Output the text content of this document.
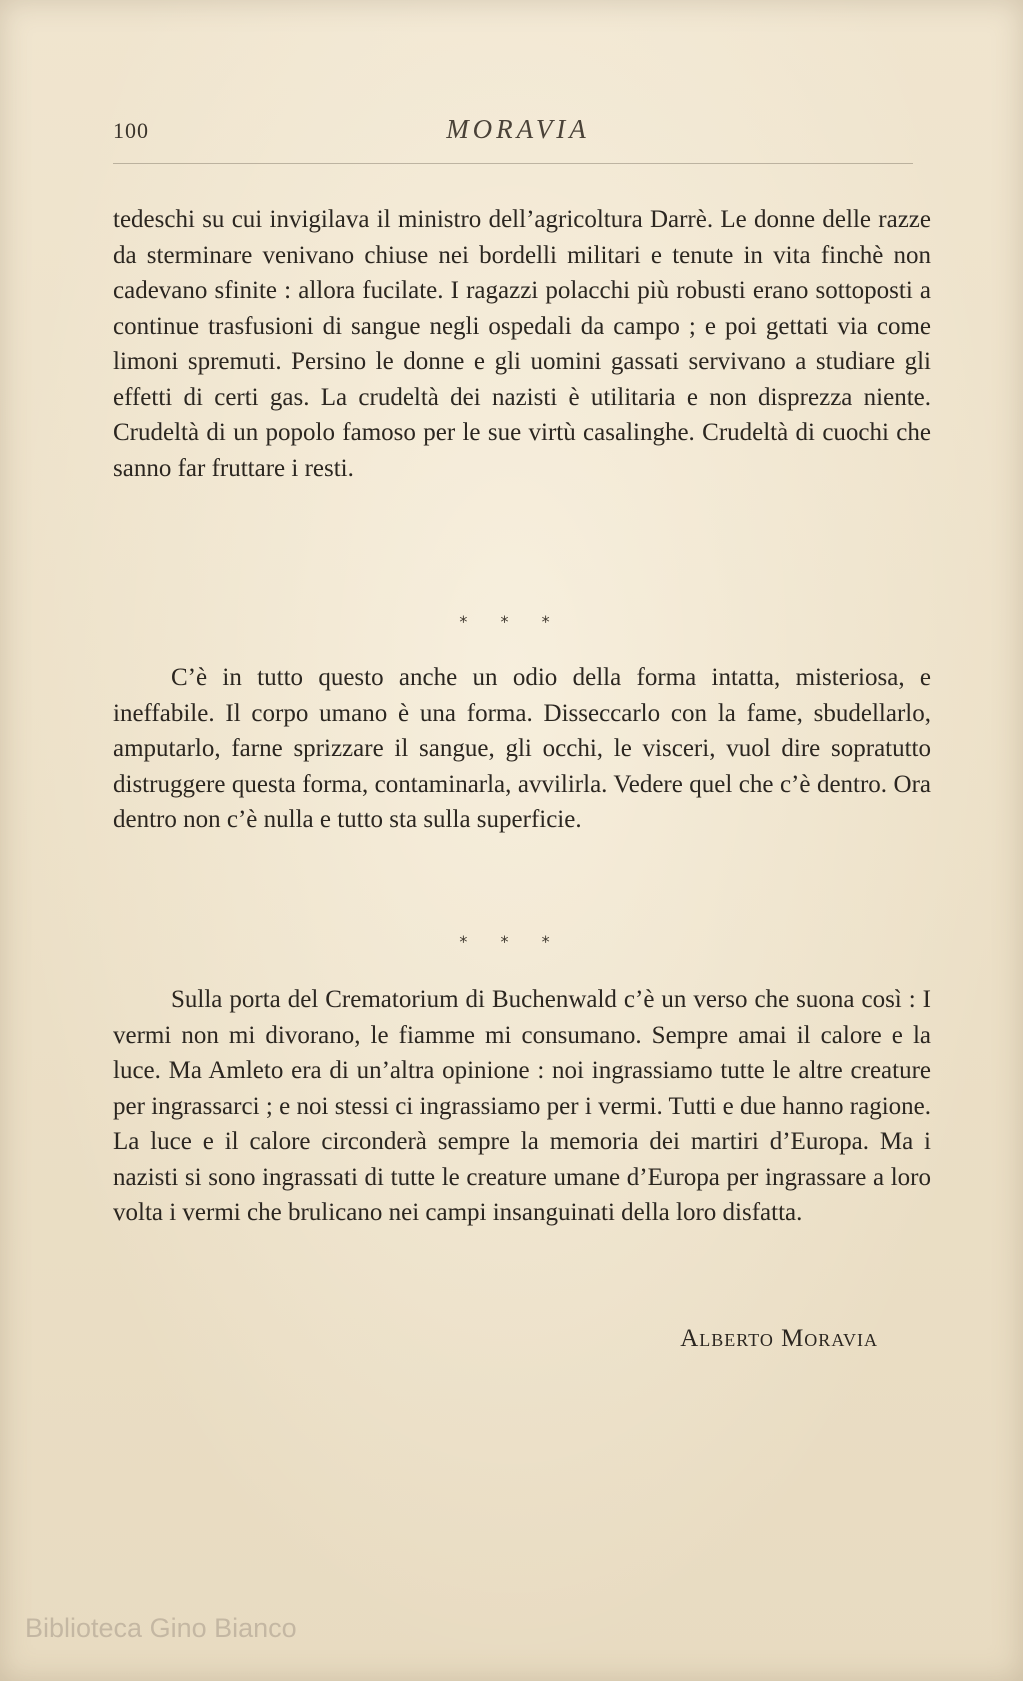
100	MORAVIA

tedeschi su cui invigilava il ministro dell’agricoltura Darrè. Le donne delle razze da sterminare venivano chiuse nei bordelli militari e tenute in vita finchè non cadevano sfinite : allora fucilate. I ragazzi polacchi più robusti erano sottoposti a continue trasfusioni di sangue negli ospedali da campo ; e poi gettati via come limoni spremuti. Persino le donne e gli uomini gassati servivano a studiare gli effetti di certi gas. La crudeltà dei nazisti è utilitaria e non disprezza niente. Crudeltà di un popolo famoso per le sue virtù casalinghe. Crudeltà di cuochi che sanno far fruttare i resti.

* * *

C’è in tutto questo anche un odio della forma intatta, misteriosa, e ineffabile. Il corpo umano è una forma. Disseccarlo con la fame, sbudellarlo, amputarlo, farne sprizzare il sangue, gli occhi, le visceri, vuol dire sopratutto distruggere questa forma, contaminarla, avvilirla. Vedere quel che c’è dentro. Ora dentro non c’è nulla e tutto sta sulla superficie.

* * *

Sulla porta del Crematorium di Buchenwald c’è un verso che suona così : I vermi non mi divorano, le fiamme mi consumano. Sempre amai il calore e la luce. Ma Amleto era di un’altra opinione : noi ingrassiamo tutte le altre creature per ingrassarci ; e noi stessi ci ingrassiamo per i vermi. Tutti e due hanno ragione. La luce e il calore circonderà sempre la memoria dei martiri d’Europa. Ma i nazisti si sono ingrassati di tutte le creature umane d’Europa per ingrassare a loro volta i vermi che brulicano nei campi insanguinati della loro disfatta.

Alberto Moravia
Biblioteca Gino Bianco
